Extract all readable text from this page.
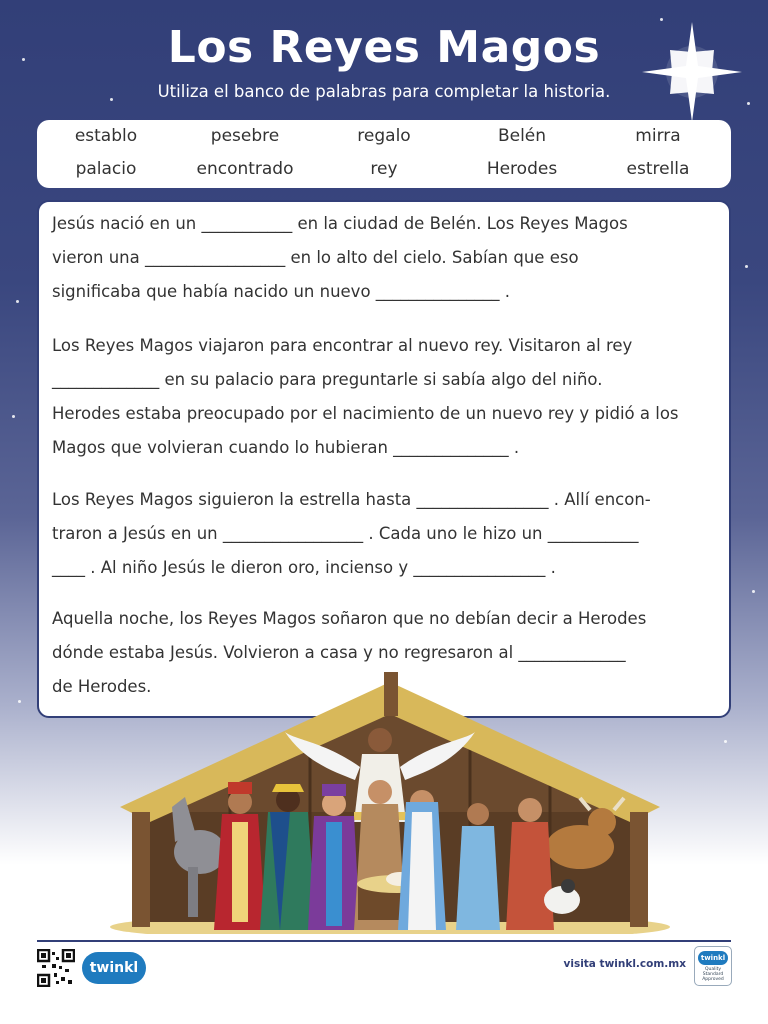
Los Reyes Magos

Utiliza el banco de palabras para completar la historia.

establo	pesebre	regalo	Belén	mirra
palacio	encontrado	rey	Herodes	estrella
Jesús nació en un ___________ en la ciudad de Belén. Los Reyes Magos
vieron una _________________ en lo alto del cielo. Sabían que eso
significaba que había nacido un nuevo _______________ .
Los Reyes Magos viajaron para encontrar al nuevo rey. Visitaron al rey
_____________ en su palacio para preguntarle si sabía algo del niño.
Herodes estaba preocupado por el nacimiento de un nuevo rey y pidió a los
Magos que volvieran cuando lo hubieran ______________ .
Los Reyes Magos siguieron la estrella hasta ________________ . Allí encon-
traron a Jesús en un _________________ . Cada uno le hizo un ___________
____ . Al niño Jesús le dieron oro, incienso y ________________ .
Aquella noche, los Reyes Magos soñaron que no debían decir a Herodes
dónde estaba Jesús. Volvieron a casa y no regresaron al _____________
de Herodes.
twinkl	visita twinkl.com.mx	twinkl
Quality Standard Approved
